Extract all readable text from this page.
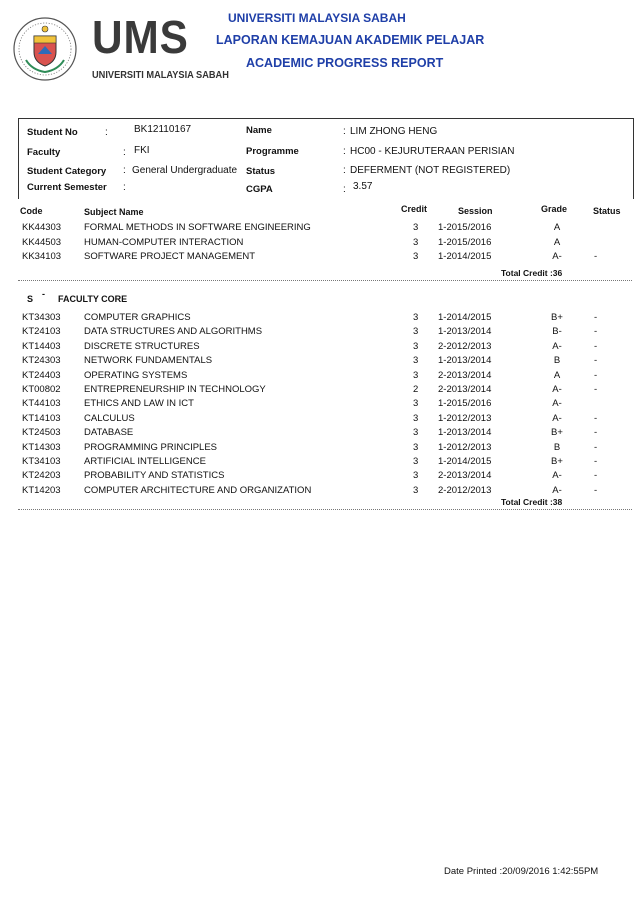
UMS
UNIVERSITI MALAYSIA SABAH
UNIVERSITI MALAYSIA SABAH
LAPORAN KEMAJUAN AKADEMIK PELAJAR
ACADEMIC PROGRESS REPORT
Student No	:	BK12110167
Faculty	: FKI
Student Category : General Undergraduate
Current Semester :
Name	: LIM ZHONG HENG
Programme	: HC00 - KEJURUTERAAN PERISIAN
Status	: DEFERMENT (NOT REGISTERED)
CGPA	: 3.57
Code	Subject Name	Credit	Session	Grade	Status
KK44303 FORMAL METHODS IN SOFTWARE ENGINEERING	3 1-2015/2016	A
KK44503 HUMAN-COMPUTER INTERACTION	3 1-2015/2016	A
KK34103 SOFTWARE PROJECT MANAGEMENT	3 1-2014/2015	A-	-
Total Credit :36
S - FACULTY CORE
KT34303 COMPUTER GRAPHICS	3 1-2014/2015	B+	-
KT24103 DATA STRUCTURES AND ALGORITHMS	3 1-2013/2014	B-	-
KT14403 DISCRETE STRUCTURES	3 2-2012/2013	A-	-
KT24303 NETWORK FUNDAMENTALS	3 1-2013/2014	B	-
KT24403 OPERATING SYSTEMS	3 2-2013/2014	A	-
KT00802 ENTREPRENEURSHIP IN TECHNOLOGY	2 2-2013/2014	A-	-
KT44103 ETHICS AND LAW IN ICT	3 1-2015/2016	A-
KT14103 CALCULUS	3 1-2012/2013	A-	-
KT24503 DATABASE	3 1-2013/2014	B+	-
KT14303 PROGRAMMING PRINCIPLES	3 1-2012/2013	B	-
KT34103 ARTIFICIAL INTELLIGENCE	3 1-2014/2015	B+	-
KT24203 PROBABILITY AND STATISTICS	3 2-2013/2014	A-	-
KT14203 COMPUTER ARCHITECTURE AND ORGANIZATION	3 2-2012/2013	A-	-
Total Credit :38
Date Printed :20/09/2016 1:42:55PM
